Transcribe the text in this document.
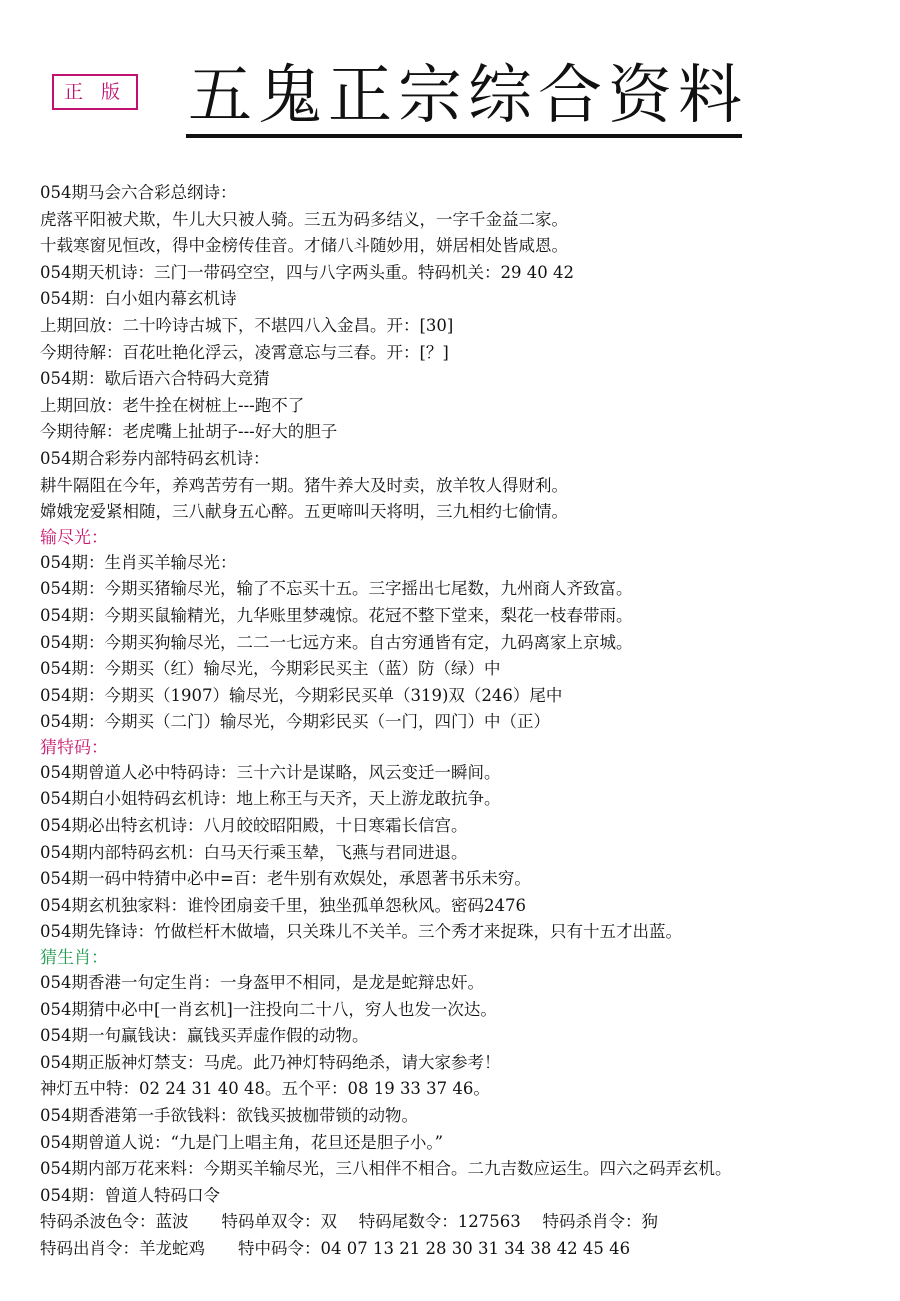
正 版 五鬼正宗综合资料
054期马会六合彩总纲诗：
虎落平阳被犬欺，牛儿大只被人骑。三五为码多结义，一字千金益二家。
十载寒窗见恒改，得中金榜传佳音。才储八斗随妙用，姘居相处皆咸恩。
054期天机诗：三门一带码空空，四与八字两头重。特码机关：29 40 42
054期：白小姐内幕玄机诗
上期回放：二十吟诗古城下，不堪四八入金昌。开：[30]
今期待解：百花吐艳化浮云，凌霄意忘与三春。开：[？]
054期：歇后语六合特码大竞猜
上期回放：老牛拴在树桩上---跑不了
今期待解：老虎嘴上扯胡子---好大的胆子
054期合彩券内部特码玄机诗：
耕牛隔阻在今年，养鸡苦劳有一期。猪牛养大及时卖，放羊牧人得财利。
嫦娥宠爱紧相随，三八献身五心醉。五更啼叫天将明，三九相约七偷情。
输尽光：
054期：生肖买羊输尽光：
054期：今期买猪输尽光，输了不忘买十五。三字摇出七尾数，九州商人齐致富。
054期：今期买鼠输精光，九华账里梦魂惊。花冠不整下堂来，梨花一枝春带雨。
054期：今期买狗输尽光，二二一七远方来。自古穷通皆有定，九码离家上京城。
054期：今期买（红）输尽光，今期彩民买主（蓝）防（绿）中
054期：今期买（1907）输尽光，今期彩民买单（319)双（246）尾中
054期：今期买（二门）输尽光，今期彩民买（一门，四门）中（正）
猜特码：
054期曾道人必中特码诗：三十六计是谋略，风云变迁一瞬间。
054期白小姐特码玄机诗：地上称王与天齐，天上游龙敢抗争。
054期必出特玄机诗：八月皎皎昭阳殿，十日寒霜长信宫。
054期内部特码玄机：白马天行乘玉辇，飞燕与君同进退。
054期一码中特猜中必中=百：老牛别有欢娱处，承恩著书乐未穷。
054期玄机独家料：谁怜团扇妾千里，独坐孤单怨秋风。密码2476
054期先锋诗：竹做栏杆木做墙，只关珠儿不关羊。三个秀才来捉珠，只有十五才出蓝。
猜生肖：
054期香港一句定生肖：一身盔甲不相同，是龙是蛇辩忠奸。
054期猜中必中[一肖玄机]一注投向二十八，穷人也发一次达。
054期一句赢钱诀：赢钱买弄虚作假的动物。
054期正版神灯禁支：马虎。此乃神灯特码绝杀，请大家参考！
神灯五中特：02 24 31 40 48。五个平：08 19 33 37 46。
054期香港第一手欲钱料：欲钱买披枷带锁的动物。
054期曾道人说：“九是门上唱主角，花旦还是胆子小。”
054期内部万花来料：今期买羊输尽光，三八相伴不相合。二九吉数应运生。四六之码弄玄机。
054期：曾道人特码口令
特码杀波色令：蓝波　　特码单双令：双　 特码尾数令：127563　 特码杀肖令：狗
特码出肖令：羊龙蛇鸡　　特中码令：04 07 13 21 28 30 31 34 38 42 45 46
